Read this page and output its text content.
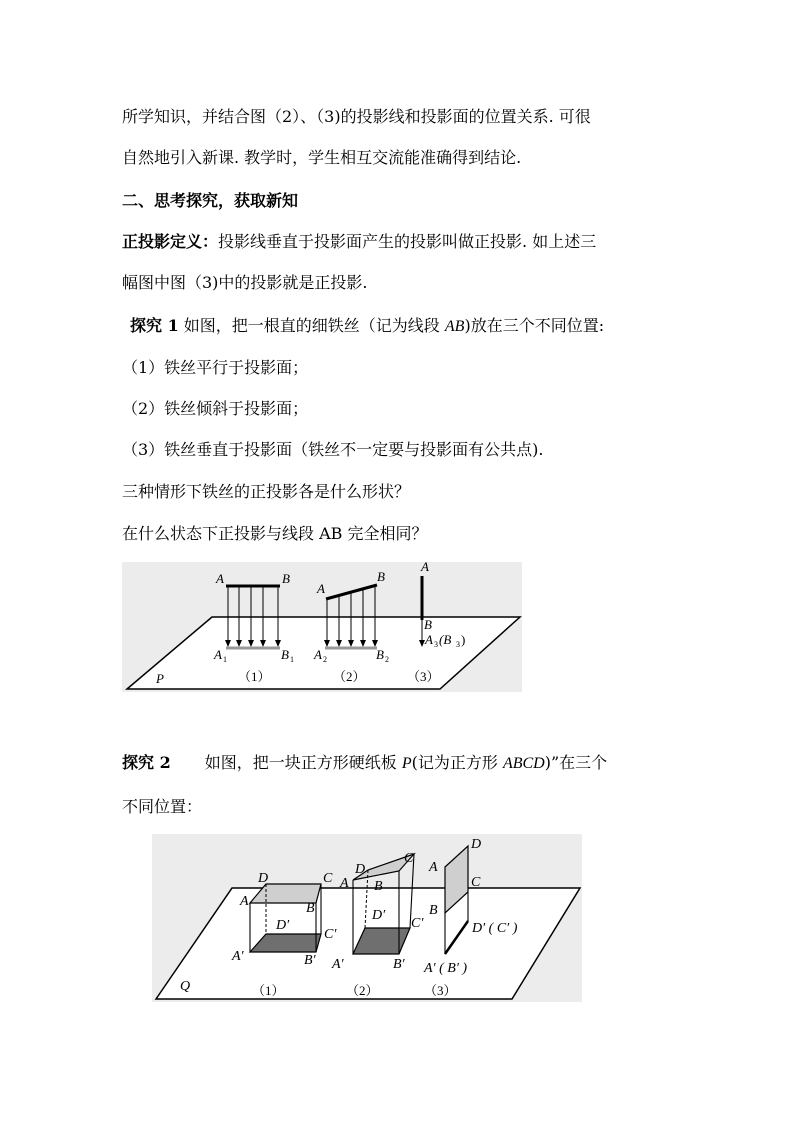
所学知识，并结合图（2）、（3)的投影线和投影面的位置关系. 可很
自然地引入新课. 教学时，学生相互交流能准确得到结论.
二、思考探究，获取新知
正投影定义：投影线垂直于投影面产生的投影叫做正投影. 如上述三
幅图中图（3)中的投影就是正投影.
探究 1 如图，把一根直的细铁丝（记为线段 AB)放在三个不同位置:
（1）铁丝平行于投影面；
（2）铁丝倾斜于投影面；
（3）铁丝垂直于投影面（铁丝不一定要与投影面有公共点).
三种情形下铁丝的正投影各是什么形状？
在什么状态下正投影与线段 AB 完全相同？
A	B
A
B
A
B
A 1	B 1 A 2	B 2
A 3 (B 3 )
P	（1）	（2）	（3）
探究 2 如图，把一块正方形硬纸板 P(记为正方形 ABCD)”在三个
不同位置：
D	C
A	B
D′
C′
A′	B′
D
C
A B
D′
C′
A′	B′
D
A
C
B
D′ ( C′ )
A′ ( B′ )
Q	（1）	（2）	（3）
